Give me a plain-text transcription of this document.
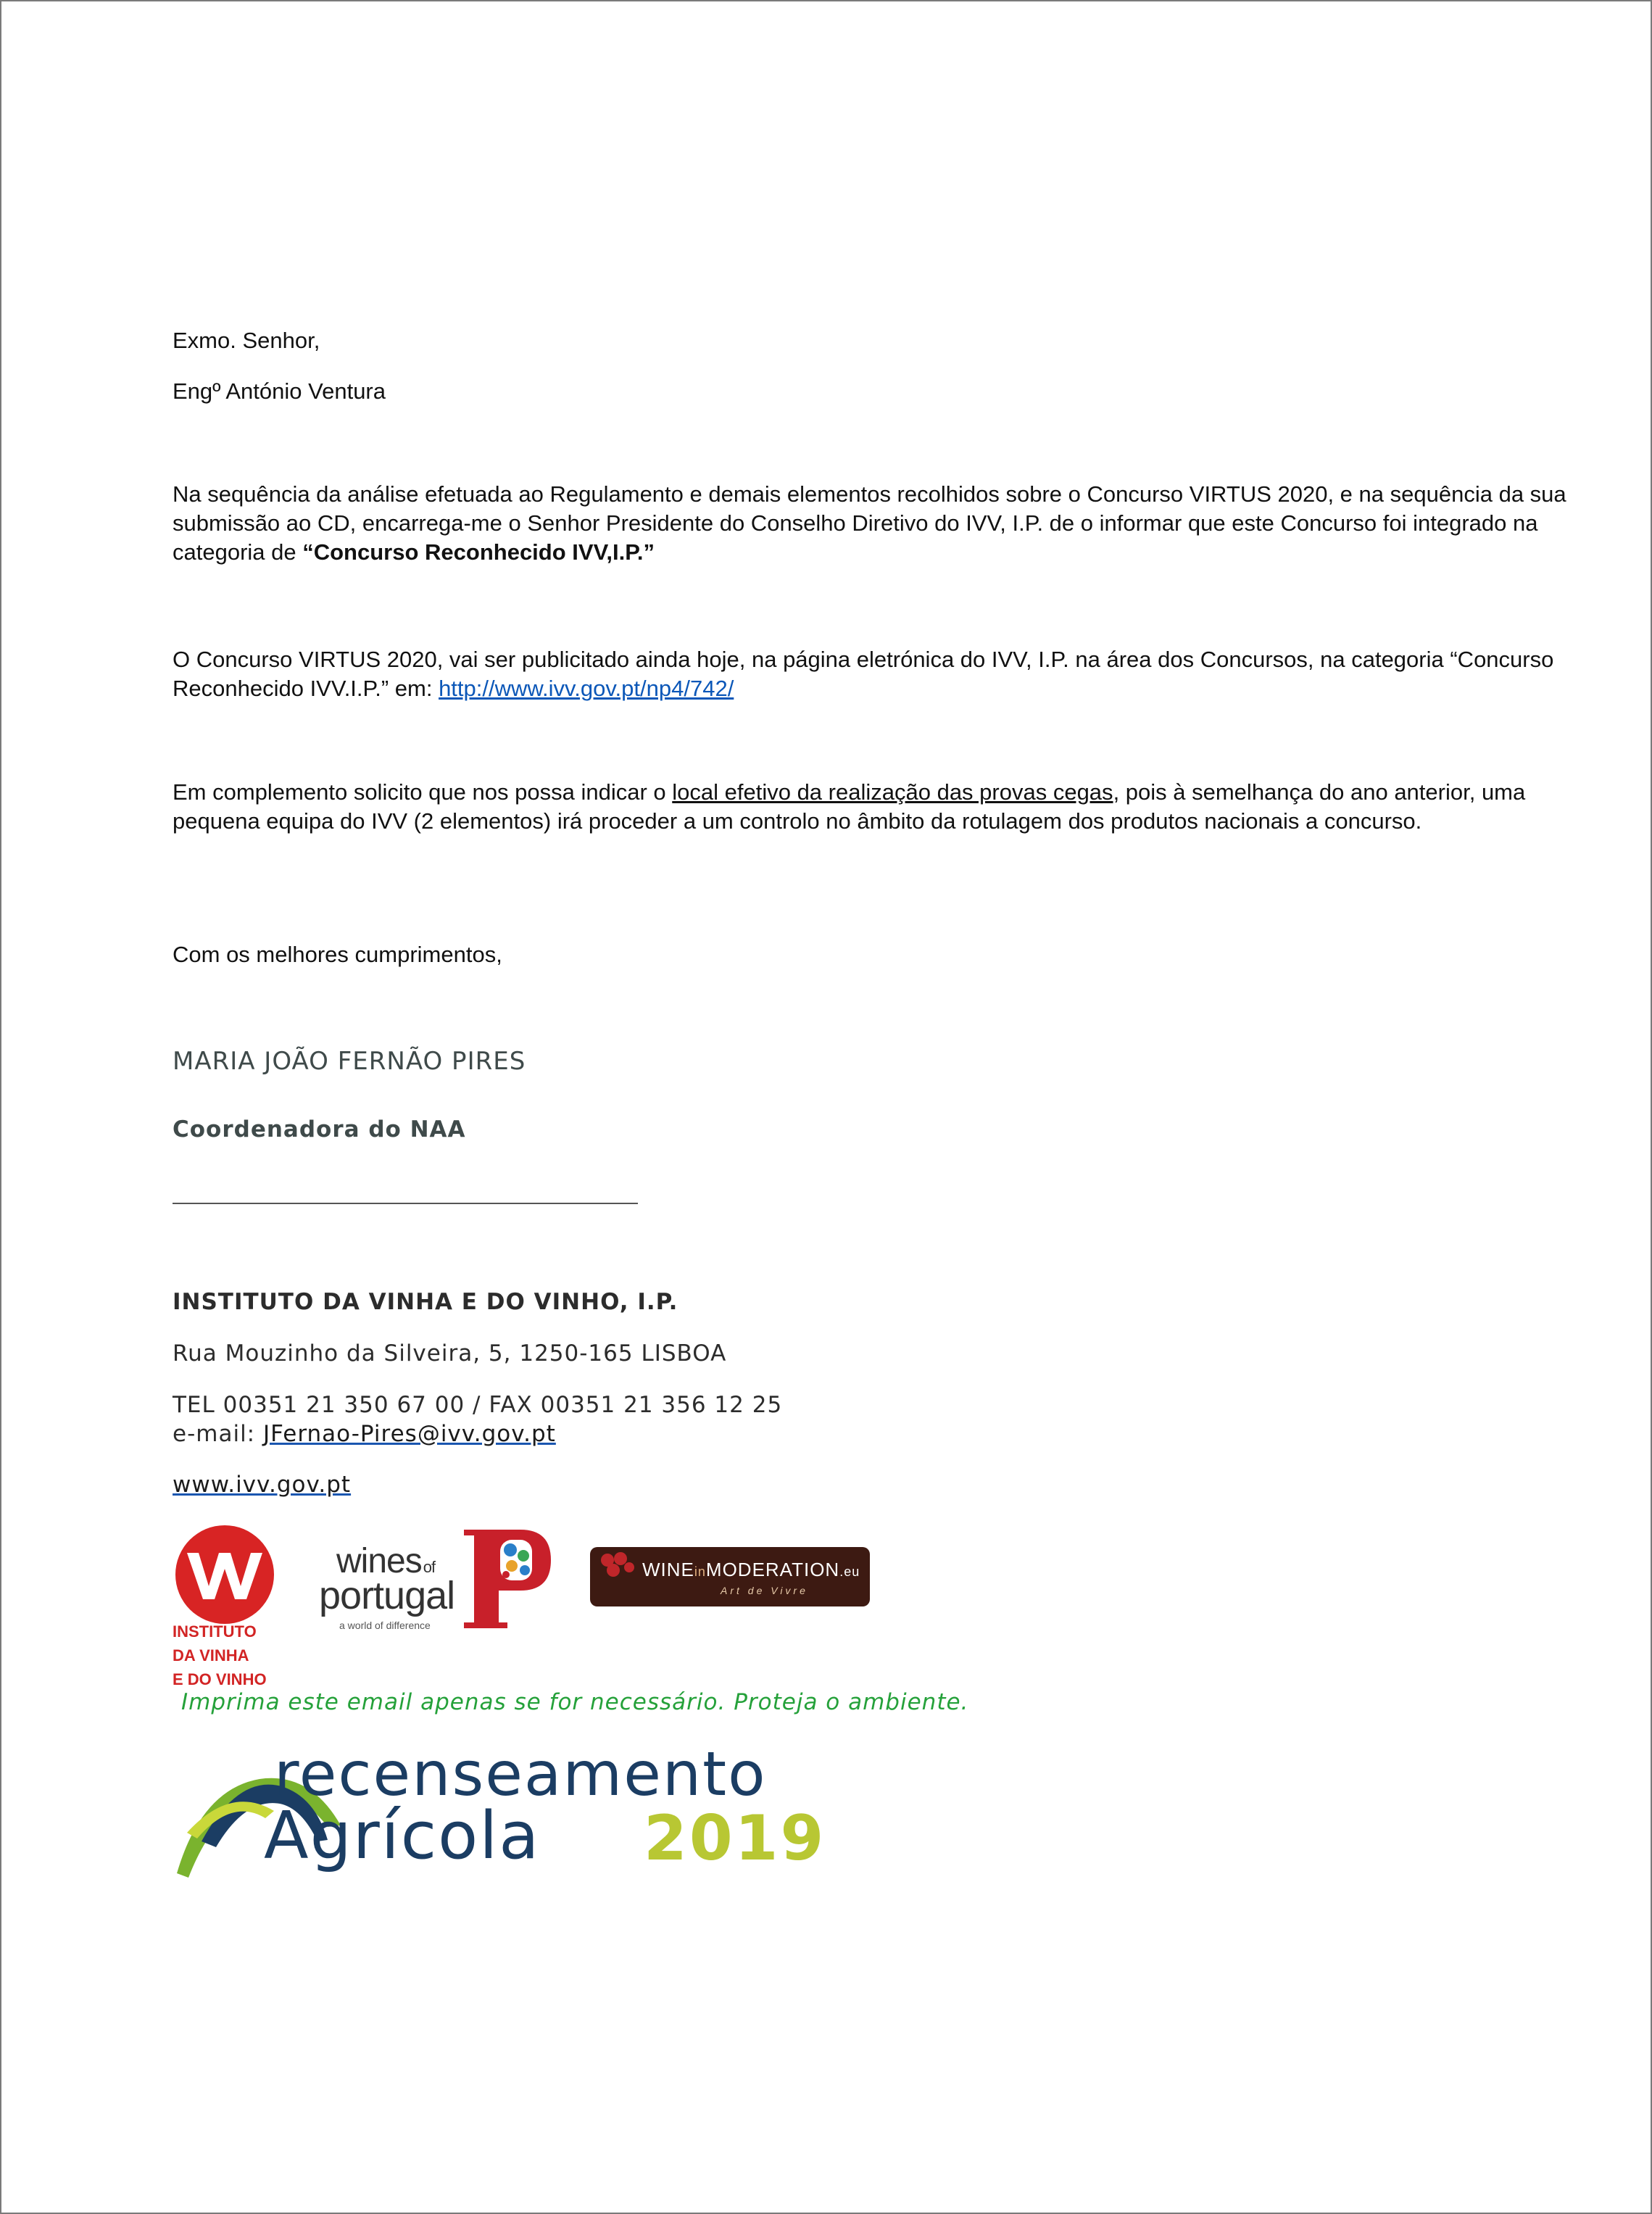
Exmo. Senhor,
Engº António Ventura
Na sequência da análise efetuada ao Regulamento e demais elementos recolhidos sobre o Concurso VIRTUS 2020, e na sequência da sua submissão ao CD, encarrega-me o Senhor Presidente do Conselho Diretivo do IVV, I.P. de o informar que este Concurso foi integrado na categoria de “Concurso Reconhecido IVV,I.P.”
O Concurso VIRTUS 2020, vai ser publicitado ainda hoje, na página eletrónica do IVV, I.P. na área dos Concursos, na categoria “Concurso Reconhecido IVV.I.P.” em: http://www.ivv.gov.pt/np4/742/
Em complemento solicito que nos possa indicar o local efetivo da realização das provas cegas, pois à semelhança do ano anterior, uma pequena equipa do IVV (2 elementos) irá proceder a um controlo no âmbito da rotulagem dos produtos nacionais a concurso.
Com os melhores cumprimentos,
MARIA JOÃO FERNÃO PIRES
Coordenadora do NAA
INSTITUTO DA VINHA E DO VINHO, I.P.
Rua Mouzinho da Silveira, 5, 1250-165 LISBOA
TEL 00351 21 350 67 00 / FAX 00351 21 356 12 25
e-mail: JFernao-Pires@ivv.gov.pt
www.ivv.gov.pt
INSTITUTO
DA VINHA
E DO VINHO
winesof
portugal
a world of difference
WINEinMODERATION.eu
Art de Vivre
Imprima este email apenas se for necessário. Proteja o ambiente.
recenseamento
Agrícola 2019
